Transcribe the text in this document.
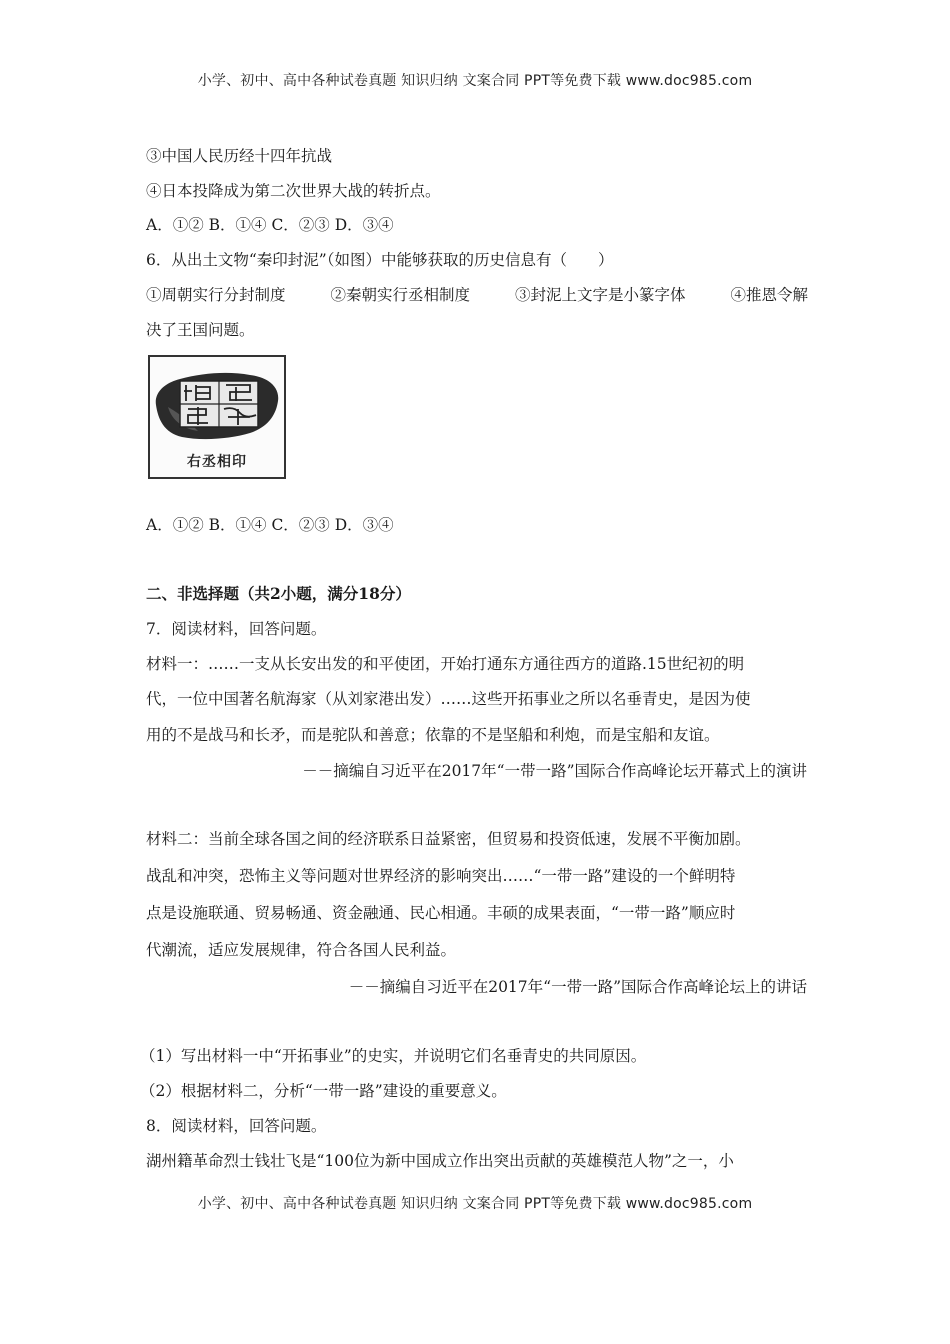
小学、初中、高中各种试卷真题 知识归纳 文案合同 PPT等免费下载 www.doc985.com
③中国人民历经十四年抗战
④日本投降成为第二次世界大战的转折点。
A．①② B．①④ C．②③ D．③④
6．从出土文物“秦印封泥”（如图）中能够获取的历史信息有（　　）
①周朝实行分封制度	②秦朝实行丞相制度	③封泥上文字是小篆字体	④推恩令解
决了王国问题。
右丞相印
A．①② B．①④ C．②③ D．③④
二、非选择题（共2小题，满分18分）
7．阅读材料，回答问题。
材料一：……一支从长安出发的和平使团，开始打通东方通往西方的道路.15世纪初的明
代，一位中国著名航海家（从刘家港出发）……这些开拓事业之所以名垂青史，是因为使
用的不是战马和长矛，而是驼队和善意；依靠的不是坚船和利炮，而是宝船和友谊。
－－摘编自习近平在2017年“一带一路”国际合作高峰论坛开幕式上的演讲
材料二：当前全球各国之间的经济联系日益紧密，但贸易和投资低速，发展不平衡加剧。
战乱和冲突，恐怖主义等问题对世界经济的影响突出……“一带一路”建设的一个鲜明特
点是设施联通、贸易畅通、资金融通、民心相通。丰硕的成果表面，“一带一路”顺应时
代潮流，适应发展规律，符合各国人民利益。
－－摘编自习近平在2017年“一带一路”国际合作高峰论坛上的讲话
（1）写出材料一中“开拓事业”的史实，并说明它们名垂青史的共同原因。
（2）根据材料二，分析“一带一路”建设的重要意义。
8．阅读材料，回答问题。
湖州籍革命烈士钱壮飞是“100位为新中国成立作出突出贡献的英雄模范人物”之一，小
小学、初中、高中各种试卷真题 知识归纳 文案合同 PPT等免费下载 www.doc985.com
